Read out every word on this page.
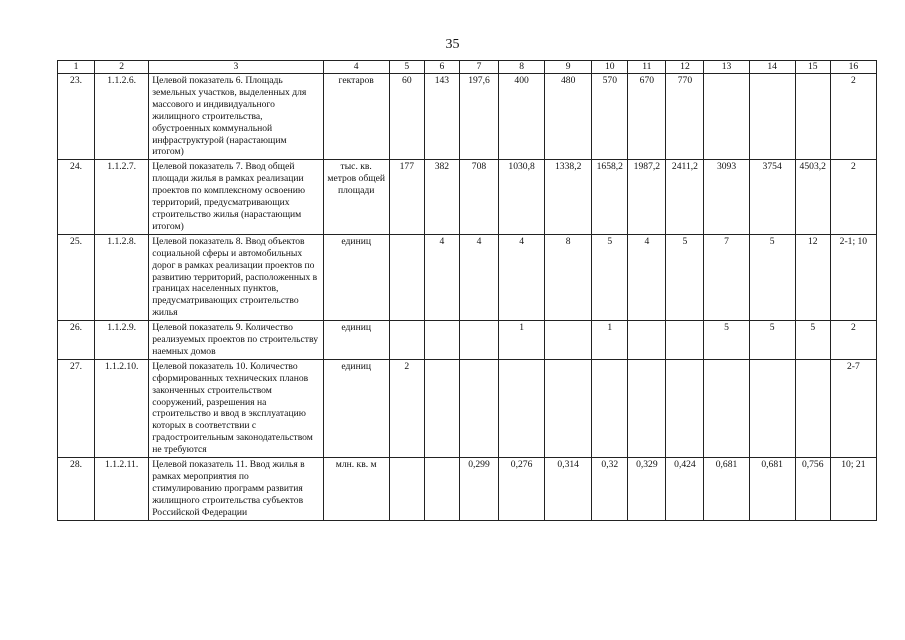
35
1	2	3	4	5	6	7	8	9	10	11	12	13	14	15	16
23.	1.1.2.6.	Целевой показатель 6. Площадь земельных участков, выделенных для массового и индивидуального жилищного строительства, обустроенных коммунальной инфраструктурой (нарастающим итогом)	гектаров	60	143	197,6	400	480	570	670	770				2
24.	1.1.2.7.	Целевой показатель 7. Ввод общей площади жилья в рамках реализации проектов по комплексному освоению территорий, предусматривающих строительство жилья (нарастающим итогом)	тыс. кв. метров общей площади	177	382	708	1030,8	1338,2	1658,2	1987,2	2411,2	3093	3754	4503,2	2
25.	1.1.2.8.	Целевой показатель 8. Ввод объектов социальной сферы и автомобильных дорог в рамках реализации проектов по развитию территорий, расположенных в границах населенных пунктов, предусматривающих строительство жилья	единиц		4	4	4	8	5	4	5	7	5	12	2-1; 10
26.	1.1.2.9.	Целевой показатель 9. Количество реализуемых проектов по строительству наемных домов	единиц				1		1			5	5	5	2
27.	1.1.2.10.	Целевой показатель 10. Количество сформированных технических планов законченных строительством сооружений, разрешения на строительство и ввод в эксплуатацию которых в соответствии с градостроительным законодательством не требуются	единиц	2											2-7
28.	1.1.2.11.	Целевой показатель 11. Ввод жилья в рамках мероприятия по стимулированию программ развития жилищного строительства субъектов Российской Федерации	млн. кв. м			0,299	0,276	0,314	0,32	0,329	0,424	0,681	0,681	0,756	10; 21
